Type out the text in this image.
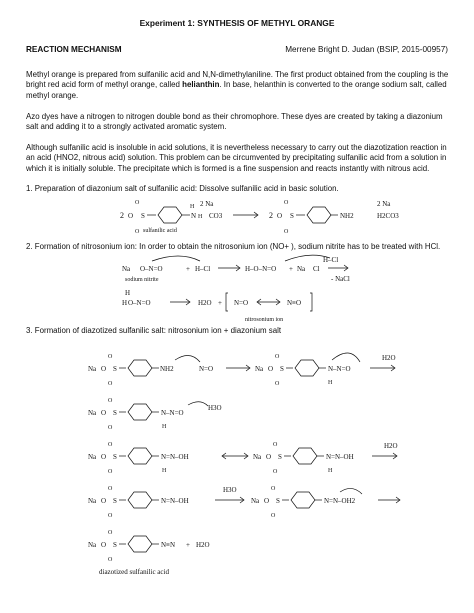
Experiment 1: SYNTHESIS OF METHYL ORANGE
REACTION MECHANISM	Merrene Bright D. Judan (BSIP, 2015-00957)
Methyl orange is prepared from sulfanilic acid and N,N-dimethylaniline. The first product obtained from the coupling is the bright red acid form of methyl orange, called helianthin. In base, helanthin is converted to the orange sodium salt, called methyl orange.
Azo dyes have a nitrogen to nitrogen double bond as their chromophore. These dyes are created by taking a diazonium salt and adding it to a strongly activated aromatic system.
Although sulfanilic acid is insoluble in acid solutions, it is nevertheless necessary to carry out the diazotization reaction in an acid (HNO2, nitrous acid) solution. This problem can be circumvented by precipitating sulfanilic acid from a solution in which it is initially soluble. The precipitate which is formed is a fine suspension and reacts instantly with nitrous acid.
1. Preparation of diazonium salt of sulfanilic acid: Dissolve sulfanilic acid in basic solution.
2
O
O S
O
N
H
H
2 Na
CO3
sulfanilic acid
2
O
O S
O
NH2
2 Na
H2CO3
2. Formation of nitrosonium ion: In order to obtain the nitrosonium ion (NO+ ), sodium nitrite has to be treated with HCl.
Na O–N=O	+ H–Cl
sodium nitrite
H–O–N=O + Na Cl
H–Cl
- NaCl
H
H O–N=O	H2O + N=O	N≡O
nitrosonium ion
3. Formation of diazotized sulfanilic salt: nitrosonium ion + diazonium salt
Na
O
O S
O
NH2	N=O	Na
O
O S
O
N–N=O
H
H2O
Na
O
O S
O
N–N=O
H
H3O
Na
O
O S
O
N=N–OH
H
Na
O
O S
O
N=N–OH
H
H2O
Na
O
O S
O
N=N–OH
H3O
Na
O
O S
O
N=N–OH2
Na
O
O S
O
N≡N + H2O
diazotized sulfanilic acid
